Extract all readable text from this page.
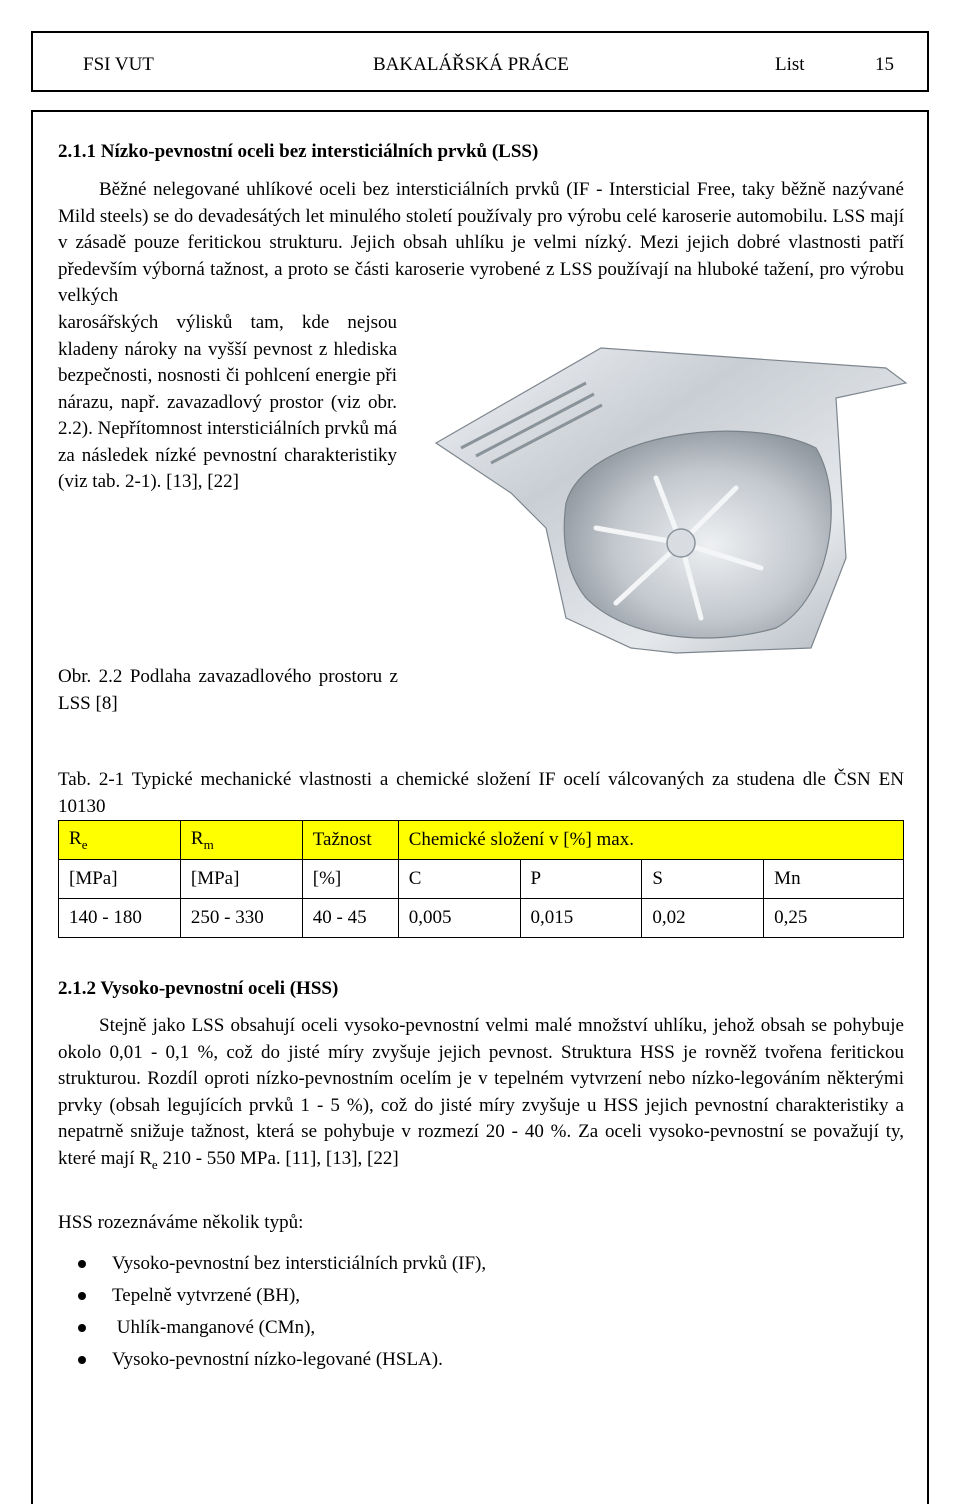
FSI VUT	BAKALÁŘSKÁ PRÁCE	List	15
2.1.1 Nízko-pevnostní oceli bez intersticiálních prvků (LSS)

Běžné nelegované uhlíkové oceli bez intersticiálních prvků (IF - Intersticial Free, taky běžně nazývané Mild steels) se do devadesátých let minulého století používaly pro výrobu celé karoserie automobilu. LSS mají v zásadě pouze feritickou strukturu. Jejich obsah uhlíku je velmi nízký. Mezi jejich dobré vlastnosti patří především výborná tažnost, a proto se části karoserie vyrobené z LSS používají na hluboké tažení, pro výrobu velkých

karosářských výlisků tam, kde nejsou kladeny nároky na vyšší pevnost z hlediska bezpečnosti, nosnosti či pohlcení energie při nárazu, např. zavazadlový prostor (viz obr. 2.2). Nepřítomnost intersticiálních prvků má za následek nízké pevnostní charakteristiky (viz tab. 2-1). [13], [22]

Obr. 2.2 Podlaha zavazadlového prostoru z LSS [8]
Tab. 2-1 Typické mechanické vlastnosti a chemické složení IF ocelí válcovaných za studena dle ČSN EN 10130
$R_e$	$R_m$	Tažnost	Chemické složení v [%] max.			
[MPa]	[MPa]	[%]	C	P	S	Mn
140 - 180	250 - 330	40 - 45	0,005	0,015	0,02	0,25
2.1.2 Vysoko-pevnostní oceli (HSS)

Stejně jako LSS obsahují oceli vysoko-pevnostní velmi malé množství uhlíku, jehož obsah se pohybuje okolo 0,01 - 0,1 %, což do jisté míry zvyšuje jejich pevnost. Struktura HSS je rovněž tvořena feritickou strukturou. Rozdíl oproti nízko-pevnostním ocelím je v tepelném vytvrzení nebo nízko-legováním některými prvky (obsah legujících prvků 1 - 5 %), což do jisté míry zvyšuje u HSS jejich pevnostní charakteristiky a nepatrně snižuje tažnost, která se pohybuje v rozmezí 20 - 40 %. Za oceli vysoko-pevnostní se považují ty, které mají $R_e$ 210 - 550 MPa. [11], [13], [22]

HSS rozeznáváme několik typů:
Vysoko-pevnostní bez intersticiálních prvků (IF),
Tepelně vytvrzené (BH),
Uhlík-manganové (CMn),
Vysoko-pevnostní nízko-legované (HSLA).
